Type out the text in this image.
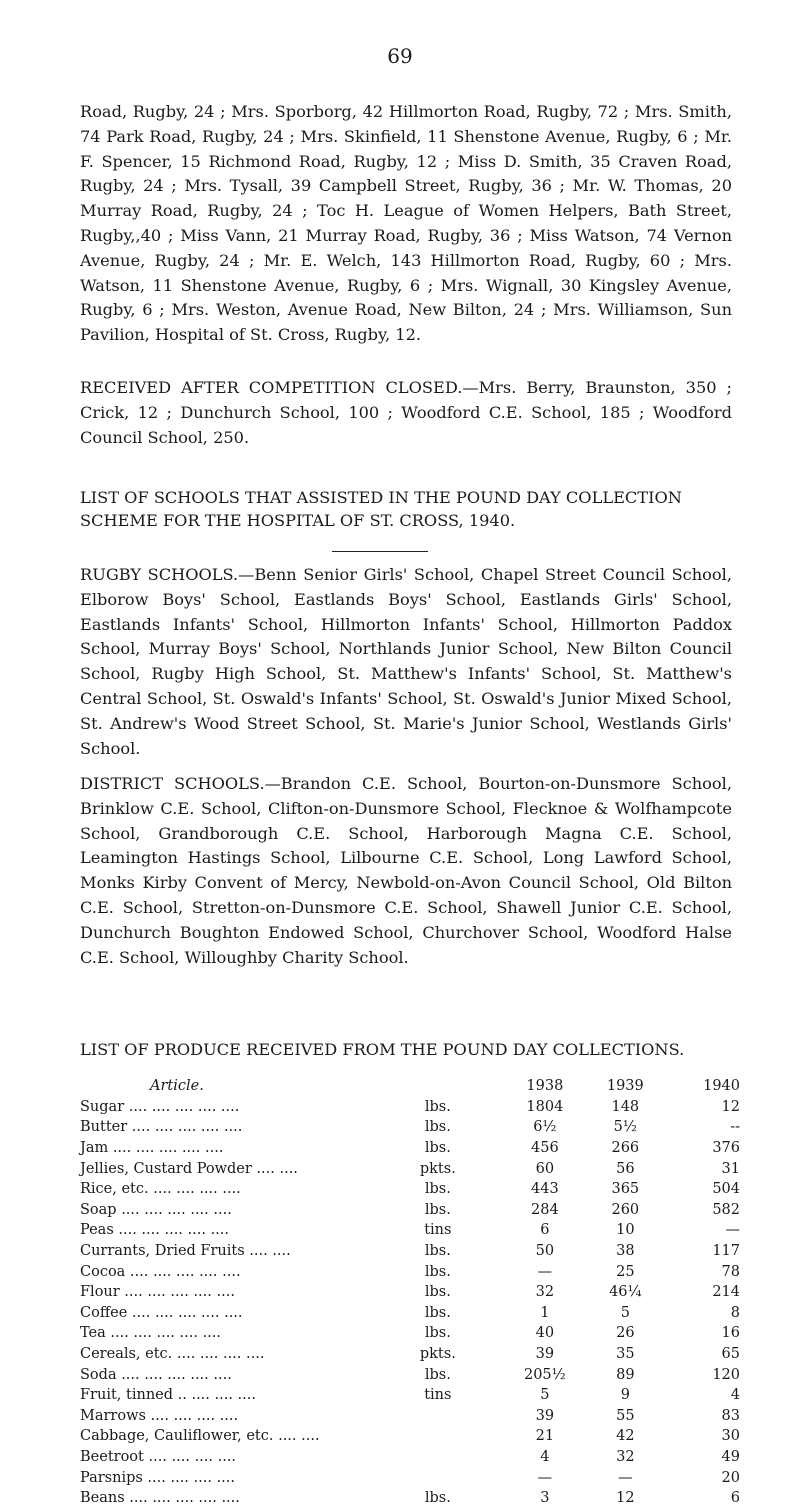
69

Road, Rugby, 24 ; Mrs. Sporborg, 42 Hillmorton Road, Rugby, 72 ; Mrs. Smith, 74 Park Road, Rugby, 24 ; Mrs. Skinfield, 11 Shenstone Avenue, Rugby, 6 ; Mr. F. Spencer, 15 Richmond Road, Rugby, 12 ; Miss D. Smith, 35 Craven Road, Rugby, 24 ; Mrs. Tysall, 39 Campbell Street, Rugby, 36 ; Mr. W. Thomas, 20 Murray Road, Rugby, 24 ; Toc H. League of Women Helpers, Bath Street, Rugby,,40 ; Miss Vann, 21 Murray Road, Rugby, 36 ; Miss Watson, 74 Vernon Avenue, Rugby, 24 ; Mr. E. Welch, 143 Hillmorton Road, Rugby, 60 ; Mrs. Watson, 11 Shenstone Avenue, Rugby, 6 ; Mrs. Wignall, 30 Kingsley Avenue, Rugby, 6 ; Mrs. Weston, Avenue Road, New Bilton, 24 ; Mrs. Williamson, Sun Pavilion, Hospital of St. Cross, Rugby, 12.

RECEIVED AFTER COMPETITION CLOSED.—Mrs. Berry, Braunston, 350 ; Crick, 12 ; Dunchurch School, 100 ; Woodford C.E. School, 185 ; Woodford Council School, 250.

LIST OF SCHOOLS THAT ASSISTED IN THE POUND DAY COLLECTION SCHEME FOR THE HOSPITAL OF ST. CROSS, 1940.

RUGBY SCHOOLS.—Benn Senior Girls' School, Chapel Street Council School, Elborow Boys' School, Eastlands Boys' School, Eastlands Girls' School, Eastlands Infants' School, Hillmorton Infants' School, Hillmorton Paddox School, Murray Boys' School, Northlands Junior School, New Bilton Council School, Rugby High School, St. Matthew's Infants' School, St. Matthew's Central School, St. Oswald's Infants' School, St. Oswald's Junior Mixed School, St. Andrew's Wood Street School, St. Marie's Junior School, Westlands Girls' School.

DISTRICT SCHOOLS.—Brandon C.E. School, Bourton-on-Dunsmore School, Brinklow C.E. School, Clifton-on-Dunsmore School, Flecknoe & Wolfhampcote School, Grandborough C.E. School, Harborough Magna C.E. School, Leamington Hastings School, Lilbourne C.E. School, Long Lawford School, Monks Kirby Convent of Mercy, Newbold-on-Avon Council School, Old Bilton C.E. School, Stretton-on-Dunsmore C.E. School, Shawell Junior C.E. School, Dunchurch Boughton Endowed School, Churchover School, Woodford Halse C.E. School, Willoughby Charity School.

LIST OF PRODUCE RECEIVED FROM THE POUND DAY COLLECTIONS.
Article.		1938	1939	1940
Sugar .... .... .... .... ....	lbs.	1804	148	12
Butter .... .... .... .... ....	lbs.	6½	5½	--
Jam .... .... .... .... ....	lbs.	456	266	376
Jellies, Custard Powder .... ....	pkts.	60	56	31
Rice, etc. .... .... .... ....	lbs.	443	365	504
Soap .... .... .... .... ....	lbs.	284	260	582
Peas .... .... .... .... ....	tins	6	10	—
Currants, Dried Fruits .... ....	lbs.	50	38	117
Cocoa .... .... .... .... ....	lbs.	—	25	78
Flour .... .... .... .... ....	lbs.	32	46¼	214
Coffee .... .... .... .... ....	lbs.	1	5	8
Tea .... .... .... .... ....	lbs.	40	26	16
Cereals, etc. .... .... .... ....	pkts.	39	35	65
Soda .... .... .... .... ....	lbs.	205½	89	120
Fruit, tinned .. .... .... ....	tins	5	9	4
Marrows .... .... .... ....		39	55	83
Cabbage, Cauliflower, etc. .... ....		21	42	30
Beetroot .... .... .... ....		4	32	49
Parsnips .... .... .... ....		—	—	20
Beans .... .... .... .... ....	lbs.	3	12	6
